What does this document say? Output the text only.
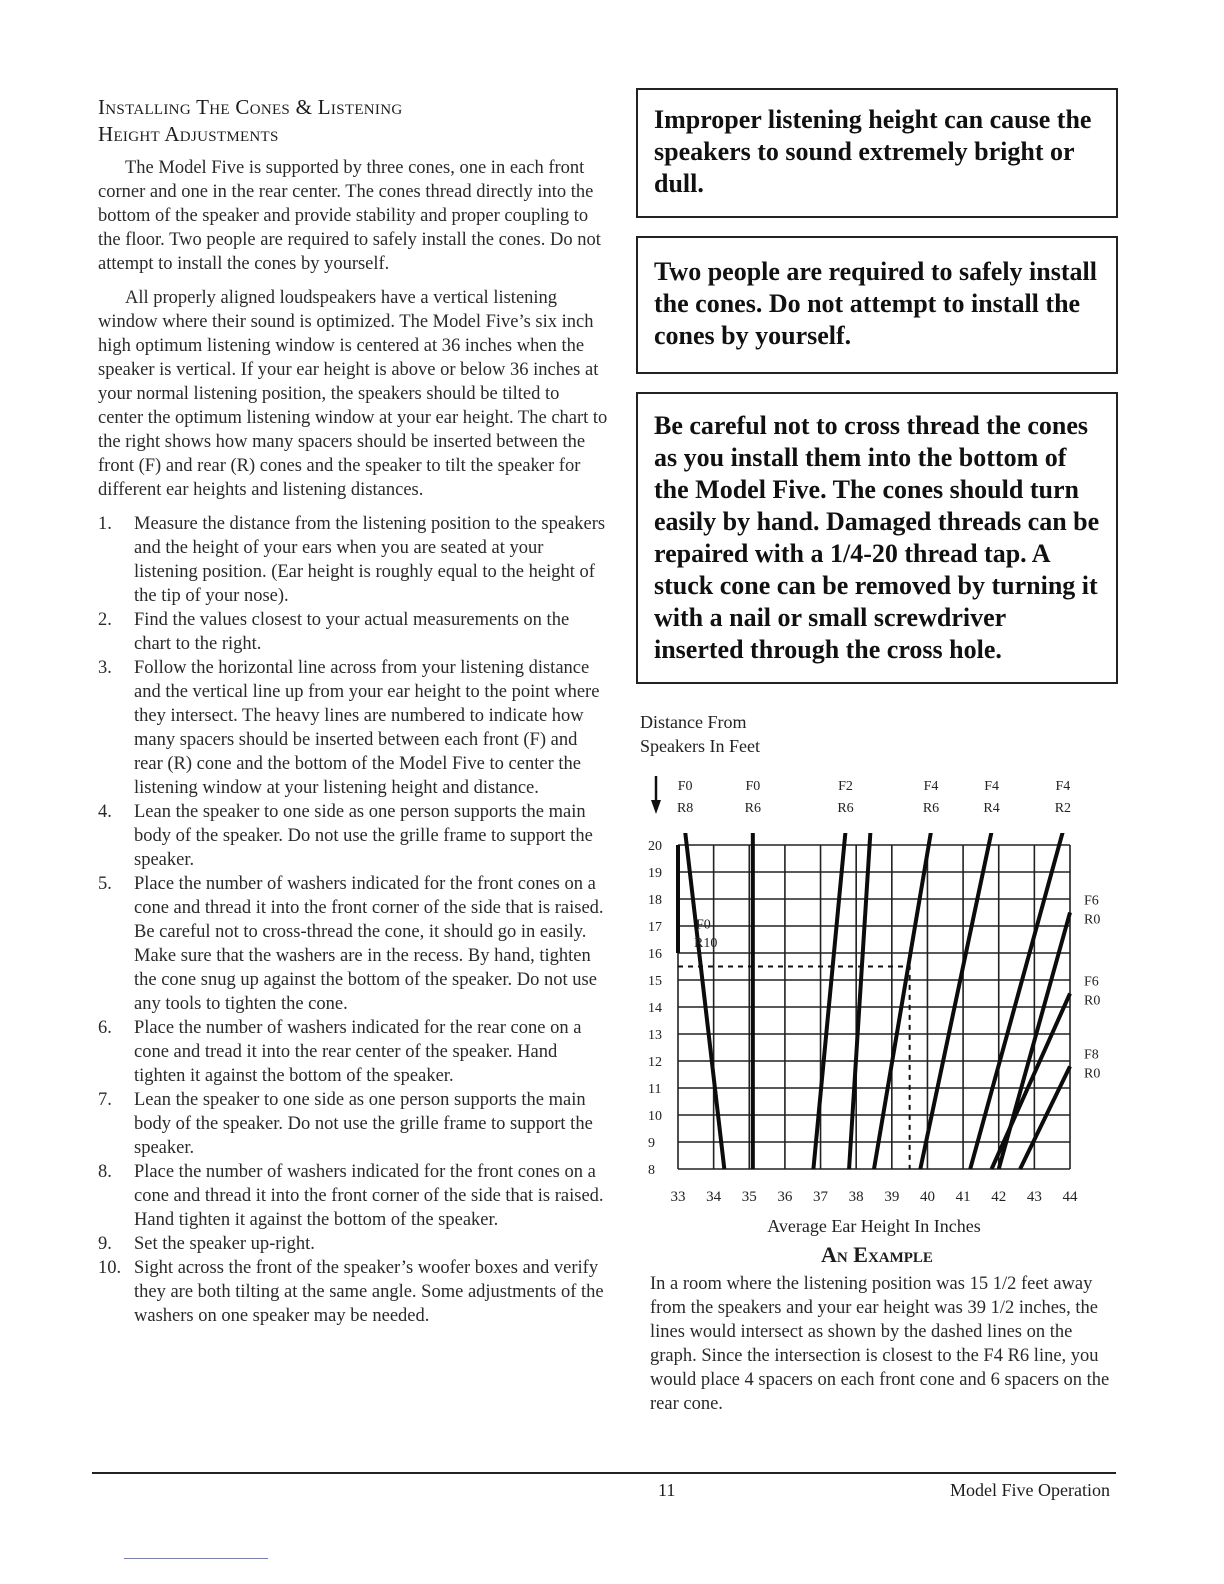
Installing The Cones & Listening
Height Adjustments

The Model Five is supported by three cones, one in each front corner and one in the rear center. The cones thread directly into the bottom of the speaker and provide stability and proper coupling to the floor. Two people are required to safely install the cones. Do not attempt to install the cones by yourself.

All properly aligned loudspeakers have a vertical listening window where their sound is optimized. The Model Five’s six inch high optimum listening window is centered at 36 inches when the speaker is vertical. If your ear height is above or below 36 inches at your normal listening position, the speakers should be tilted to center the optimum listening window at your ear height. The chart to the right shows how many spacers should be inserted between the front (F) and rear (R) cones and the speaker to tilt the speaker for different ear heights and listening distances.

1.	Measure the distance from the listening position to the speakers and the height of your ears when you are seated at your listening position. (Ear height is roughly equal to the height of the tip of your nose).
2.	Find the values closest to your actual measurements on the chart to the right.
3.	Follow the horizontal line across from your listening distance and the vertical line up from your ear height to the point where they intersect. The heavy lines are numbered to indicate how many spacers should be inserted between each front (F) and rear (R) cone and the bottom of the Model Five to center the listening window at your listening height and distance.
4.	Lean the speaker to one side as one person supports the main body of the speaker. Do not use the grille frame to support the speaker.
5.	Place the number of washers indicated for the front cones on a cone and thread it into the front corner of the side that is raised. Be careful not to cross-thread the cone, it should go in easily. Make sure that the washers are in the recess. By hand, tighten the cone snug up against the bottom of the speaker. Do not use any tools to tighten the cone.
6.	Place the number of washers indicated for the rear cone on a cone and tread it into the rear center of the speaker. Hand tighten it against the bottom of the speaker.
7.	Lean the speaker to one side as one person supports the main body of the speaker. Do not use the grille frame to support the speaker.
8.	Place the number of washers indicated for the front cones on a cone and thread it into the front corner of the side that is raised. Hand tighten it against the bottom of the speaker.
9.	Set the speaker up-right.
10. Sight across the front of the speaker’s woofer boxes and verify they are both tilting at the same angle. Some adjustments of the washers on one speaker may be needed.

Improper listening height can cause the speakers to sound extremely bright or dull.

Two people are required to safely install the cones. Do not attempt to install the cones by yourself.

Be careful not to cross thread the cones as you install them into the bottom of the Model Five. The cones should turn easily by hand. Damaged threads can be repaired with a 1/4-20 thread tap. A stuck cone can be removed by turning it with a nail or small screwdriver inserted through the cross hole.

Distance From
Speakers In Feet
Average Ear Height In Inches
33 34 35 36 37 38 39 40 41 42 43 44
8
9
10
11
12
13
14
15
16
17
18
19
20
F0
R10
F0
R8
F0
R6
F2
R6
F4
R6
F4
R4
F4
R2
F6
R0
F6
R0
F8
R0
An Example

In a room where the listening position was 15 1/2 feet away from the speakers and your ear height was 39 1/2 inches, the lines would intersect as shown by the dashed lines on the graph. Since the intersection is closest to the F4 R6 line, you would place 4 spacers on each front cone and 6 spacers on the rear cone.

11	Model Five Operation
